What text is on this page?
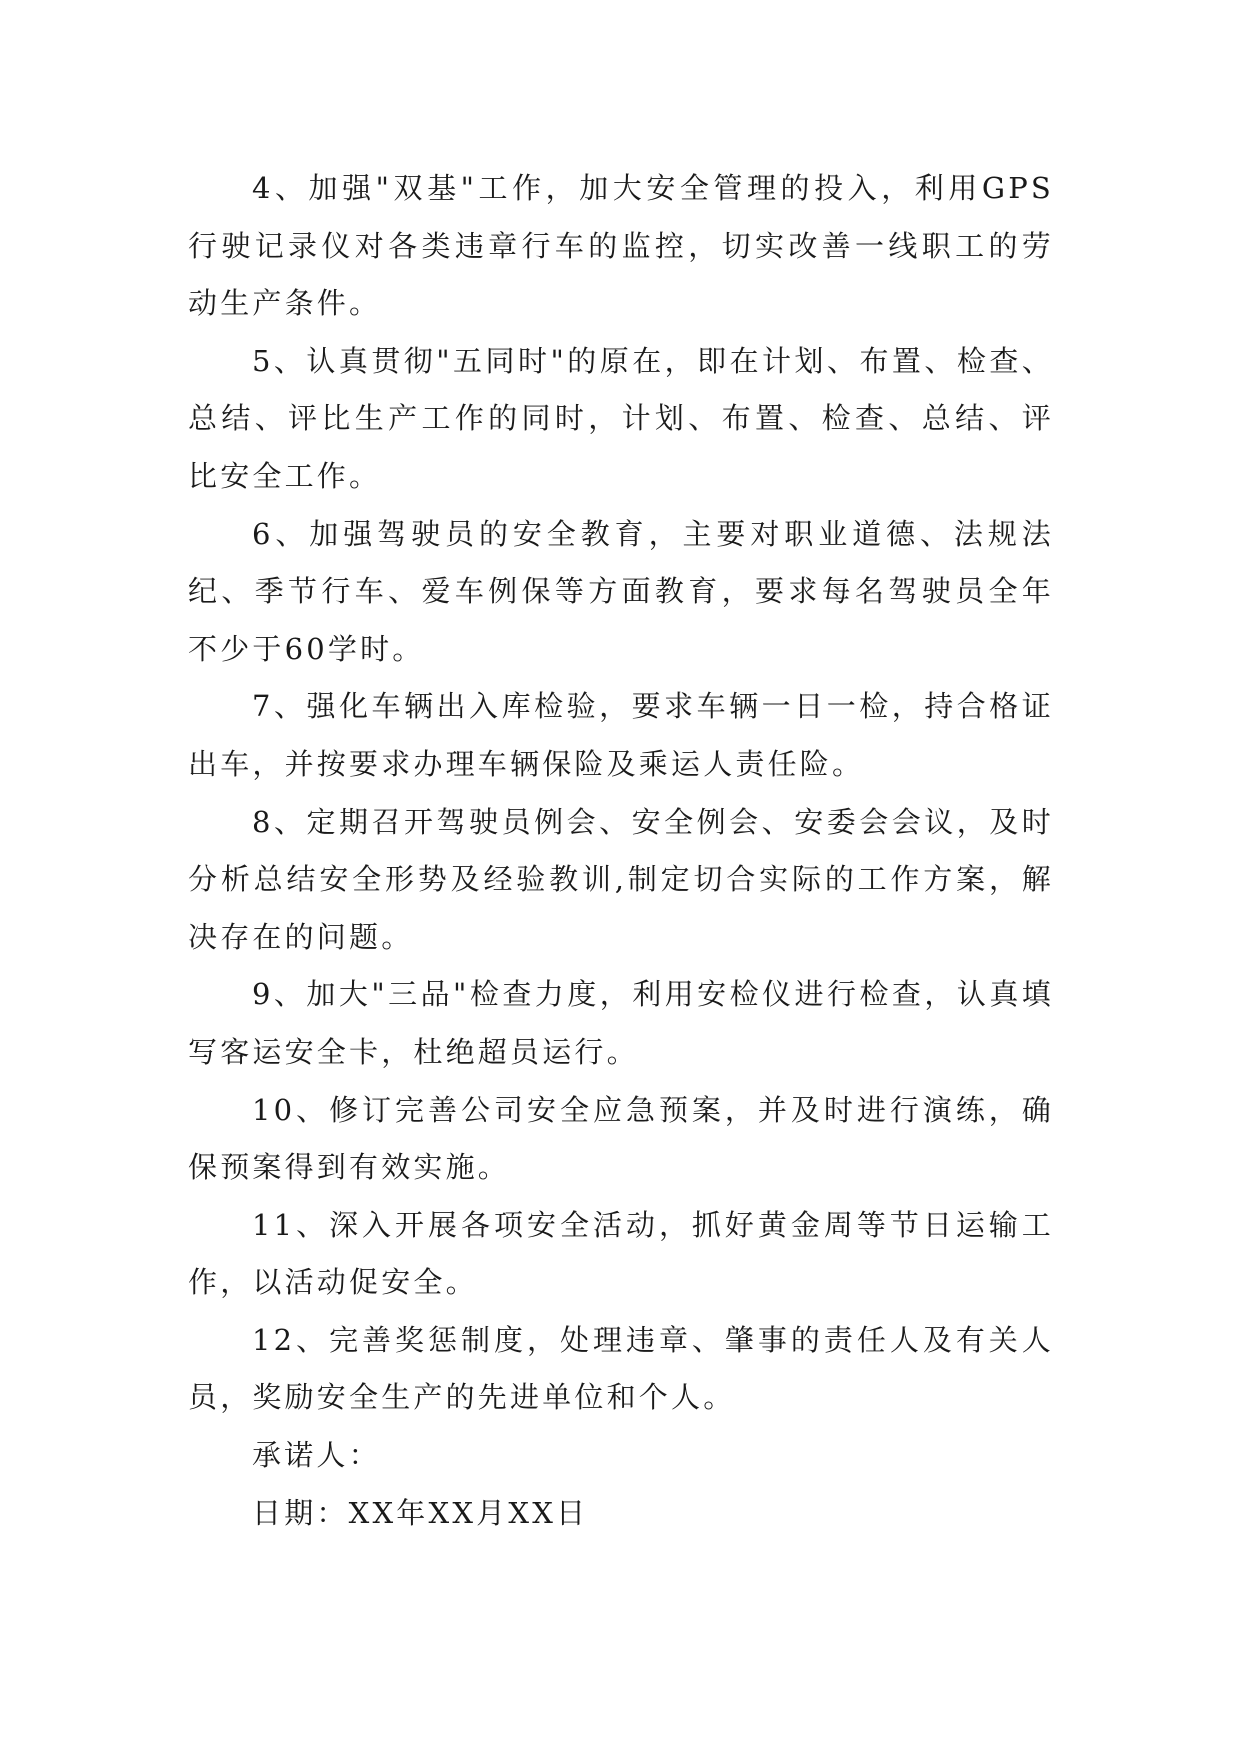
4、加强"双基"工作，加大安全管理的投入，利用GPS行驶记录仪对各类违章行车的监控，切实改善一线职工的劳动生产条件。

5、认真贯彻"五同时"的原在，即在计划、布置、检查、总结、评比生产工作的同时，计划、布置、检查、总结、评比安全工作。

6、加强驾驶员的安全教育，主要对职业道德、法规法纪、季节行车、爱车例保等方面教育，要求每名驾驶员全年不少于60学时。

7、强化车辆出入库检验，要求车辆一日一检，持合格证出车，并按要求办理车辆保险及乘运人责任险。

8、定期召开驾驶员例会、安全例会、安委会会议，及时分析总结安全形势及经验教训,制定切合实际的工作方案，解决存在的问题。

9、加大"三品"检查力度，利用安检仪进行检查，认真填写客运安全卡，杜绝超员运行。

10、修订完善公司安全应急预案，并及时进行演练，确保预案得到有效实施。

11、深入开展各项安全活动，抓好黄金周等节日运输工作，以活动促安全。

12、完善奖惩制度，处理违章、肇事的责任人及有关人员，奖励安全生产的先进单位和个人。

承诺人：

日期：XX年XX月XX日
